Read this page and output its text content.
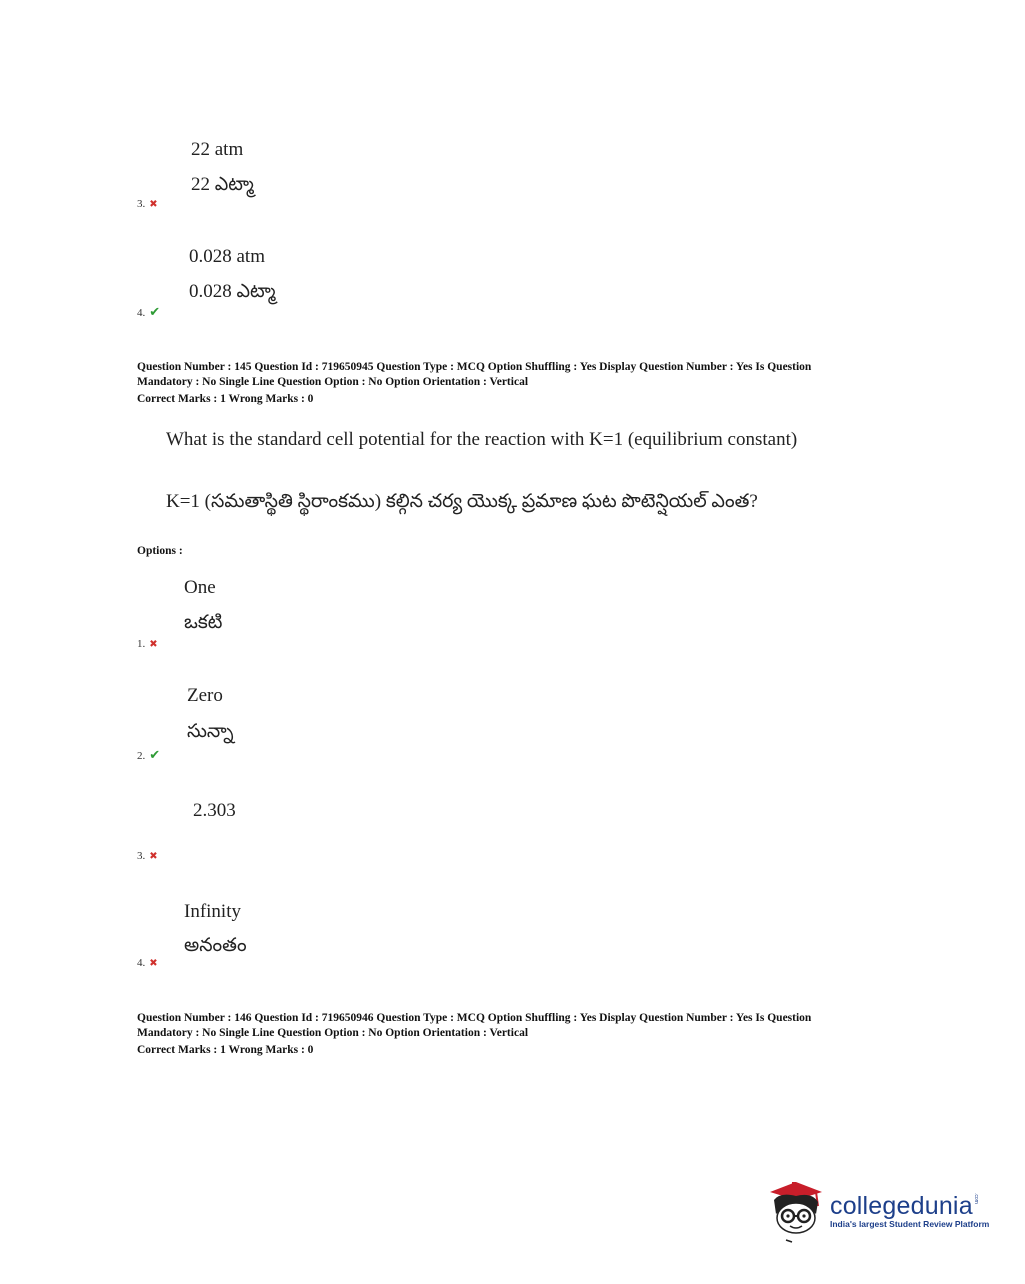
22 atm
22 ఎట్మా
3. ✖
0.028 atm
0.028 ఎట్మా
4. ✔
Question Number : 145 Question Id : 719650945 Question Type : MCQ Option Shuffling : Yes Display Question Number : Yes Is Question
Mandatory : No Single Line Question Option : No Option Orientation : Vertical
Correct Marks : 1 Wrong Marks : 0
What is the standard cell potential for the reaction with K=1 (equilibrium constant)
K=1 (సమతాస్థితి స్థిరాంకము) కల్గిన చర్య యొక్క ప్రమాణ ఘట పొటెన్షియల్ ఎంత?
Options :
One
ఒకటి
1. ✖
Zero
సున్నా
2. ✔
2.303
3. ✖
Infinity
అనంతం
4. ✖
Question Number : 146 Question Id : 719650946 Question Type : MCQ Option Shuffling : Yes Display Question Number : Yes Is Question
Mandatory : No Single Line Question Option : No Option Orientation : Vertical
Correct Marks : 1 Wrong Marks : 0
collegedunia.com
India's largest Student Review Platform
